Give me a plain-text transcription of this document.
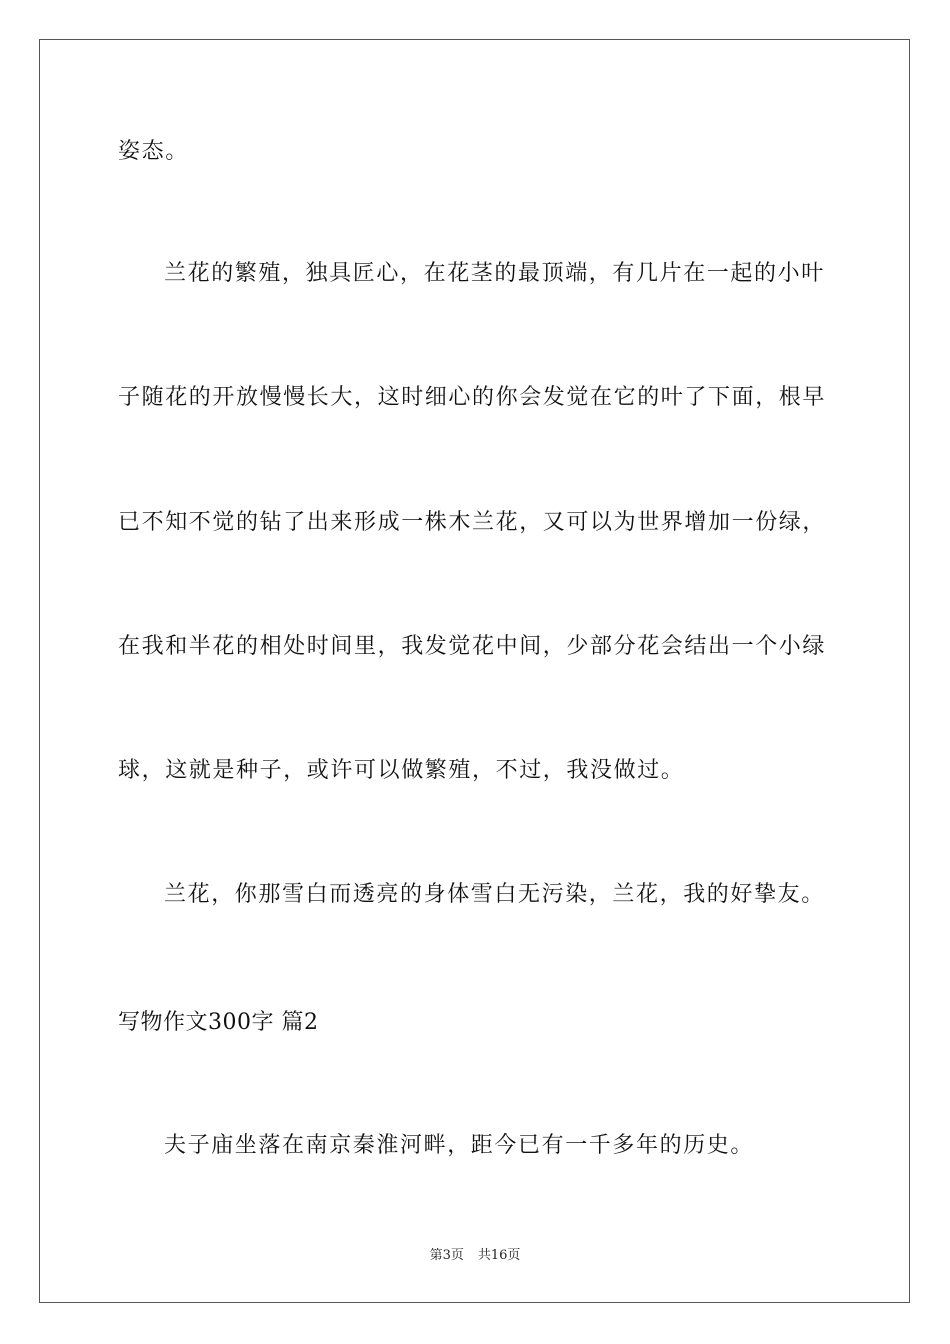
姿态。
兰花的繁殖，独具匠心，在花茎的最顶端，有几片在一起的小叶
子随花的开放慢慢长大，这时细心的你会发觉在它的叶了下面，根早
已不知不觉的钻了出来形成一株木兰花，又可以为世界增加一份绿，
在我和半花的相处时间里，我发觉花中间，少部分花会结出一个小绿
球，这就是种子，或许可以做繁殖，不过，我没做过。
兰花，你那雪白而透亮的身体雪白无污染，兰花，我的好挚友。
写物作文300字 篇2
夫子庙坐落在南京秦淮河畔，距今已有一千多年的历史。
第3页 共16页
